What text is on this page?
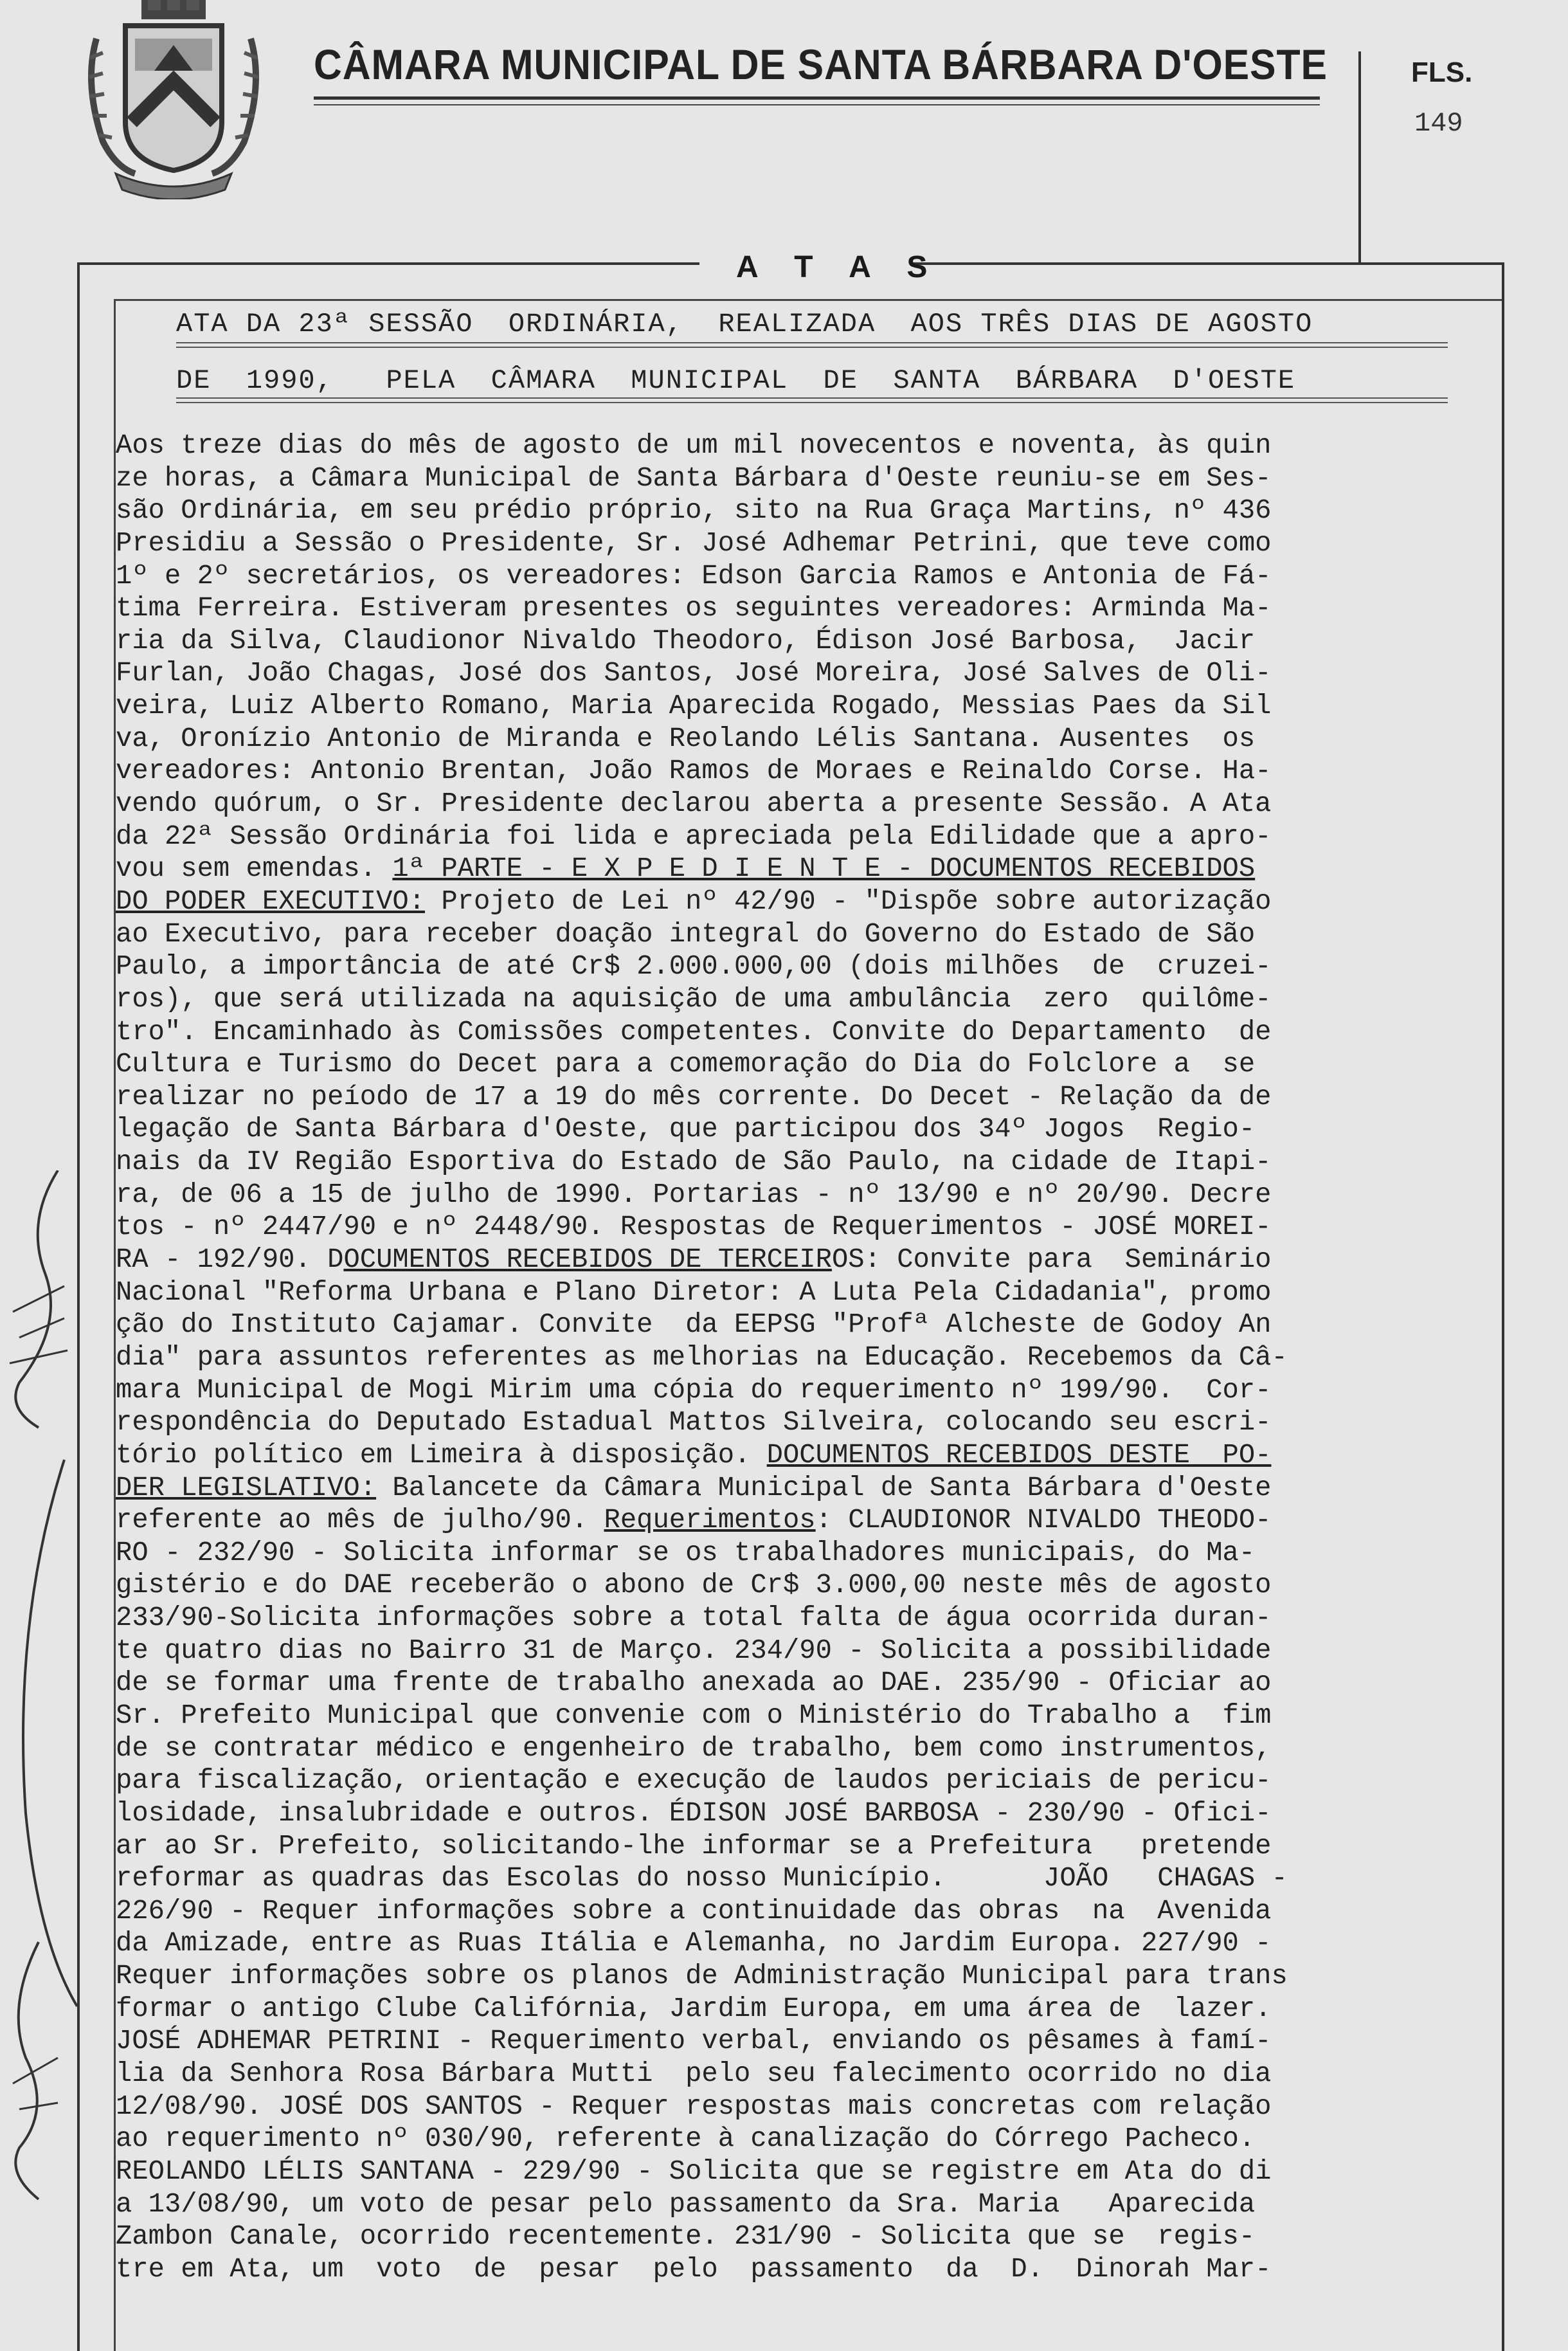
CÂMARA MUNICIPAL DE SANTA BÁRBARA D'OESTE	FLS.
149
A T A S
ATA DA 23ª SESSÃO  ORDINÁRIA,  REALIZADA  AOS TRÊS DIAS DE AGOSTO
DE  1990,   PELA  CÂMARA  MUNICIPAL  DE  SANTA  BÁRBARA  D'OESTE
Aos treze dias do mês de agosto de um mil novecentos e noventa, às quin
ze horas, a Câmara Municipal de Santa Bárbara d'Oeste reuniu-se em Ses-
são Ordinária, em seu prédio próprio, sito na Rua Graça Martins, nº 436
Presidiu a Sessão o Presidente, Sr. José Adhemar Petrini, que teve como
1º e 2º secretários, os vereadores: Edson Garcia Ramos e Antonia de Fá-
tima Ferreira. Estiveram presentes os seguintes vereadores: Arminda Ma-
ria da Silva, Claudionor Nivaldo Theodoro, Édison José Barbosa,  Jacir
Furlan, João Chagas, José dos Santos, José Moreira, José Salves de Oli-
veira, Luiz Alberto Romano, Maria Aparecida Rogado, Messias Paes da Sil
va, Oronízio Antonio de Miranda e Reolando Lélis Santana. Ausentes  os
vereadores: Antonio Brentan, João Ramos de Moraes e Reinaldo Corse. Ha-
vendo quórum, o Sr. Presidente declarou aberta a presente Sessão. A Ata
da 22ª Sessão Ordinária foi lida e apreciada pela Edilidade que a apro-
vou sem emendas. 1ª PARTE - E X P E D I E N T E - DOCUMENTOS RECEBIDOS
DO PODER EXECUTIVO: Projeto de Lei nº 42/90 - "Dispõe sobre autorização
ao Executivo, para receber doação integral do Governo do Estado de São
Paulo, a importância de até Cr$ 2.000.000,00 (dois milhões  de  cruzei-
ros), que será utilizada na aquisição de uma ambulância  zero  quilôme-
tro". Encaminhado às Comissões competentes. Convite do Departamento  de
Cultura e Turismo do Decet para a comemoração do Dia do Folclore a  se
realizar no peíodo de 17 a 19 do mês corrente. Do Decet - Relação da de
legação de Santa Bárbara d'Oeste, que participou dos 34º Jogos  Regio-
nais da IV Região Esportiva do Estado de São Paulo, na cidade de Itapi-
ra, de 06 a 15 de julho de 1990. Portarias - nº 13/90 e nº 20/90. Decre
tos - nº 2447/90 e nº 2448/90. Respostas de Requerimentos - JOSÉ MOREI-
RA - 192/90. DOCUMENTOS RECEBIDOS DE TERCEIROS: Convite para  Seminário
Nacional "Reforma Urbana e Plano Diretor: A Luta Pela Cidadania", promo
ção do Instituto Cajamar. Convite  da EEPSG "Profª Alcheste de Godoy An
dia" para assuntos referentes as melhorias na Educação. Recebemos da Câ-
mara Municipal de Mogi Mirim uma cópia do requerimento nº 199/90.  Cor-
respondência do Deputado Estadual Mattos Silveira, colocando seu escri-
tório político em Limeira à disposição. DOCUMENTOS RECEBIDOS DESTE  PO-
DER LEGISLATIVO: Balancete da Câmara Municipal de Santa Bárbara d'Oeste
referente ao mês de julho/90. Requerimentos: CLAUDIONOR NIVALDO THEODO-
RO - 232/90 - Solicita informar se os trabalhadores municipais, do Ma-
gistério e do DAE receberão o abono de Cr$ 3.000,00 neste mês de agosto
233/90-Solicita informações sobre a total falta de água ocorrida duran-
te quatro dias no Bairro 31 de Março. 234/90 - Solicita a possibilidade
de se formar uma frente de trabalho anexada ao DAE. 235/90 - Oficiar ao
Sr. Prefeito Municipal que convenie com o Ministério do Trabalho a  fim
de se contratar médico e engenheiro de trabalho, bem como instrumentos,
para fiscalização, orientação e execução de laudos periciais de pericu-
losidade, insalubridade e outros. ÉDISON JOSÉ BARBOSA - 230/90 - Ofici-
ar ao Sr. Prefeito, solicitando-lhe informar se a Prefeitura   pretende
reformar as quadras das Escolas do nosso Município.      JOÃO   CHAGAS -
226/90 - Requer informações sobre a continuidade das obras  na  Avenida
da Amizade, entre as Ruas Itália e Alemanha, no Jardim Europa. 227/90 -
Requer informações sobre os planos de Administração Municipal para trans
formar o antigo Clube Califórnia, Jardim Europa, em uma área de  lazer.
JOSÉ ADHEMAR PETRINI - Requerimento verbal, enviando os pêsames à famí-
lia da Senhora Rosa Bárbara Mutti  pelo seu falecimento ocorrido no dia
12/08/90. JOSÉ DOS SANTOS - Requer respostas mais concretas com relação
ao requerimento nº 030/90, referente à canalização do Córrego Pacheco.
REOLANDO LÉLIS SANTANA - 229/90 - Solicita que se registre em Ata do di
a 13/08/90, um voto de pesar pelo passamento da Sra. Maria   Aparecida
Zambon Canale, ocorrido recentemente. 231/90 - Solicita que se  regis-
tre em Ata, um  voto  de  pesar  pelo  passamento  da  D.  Dinorah Mar-
